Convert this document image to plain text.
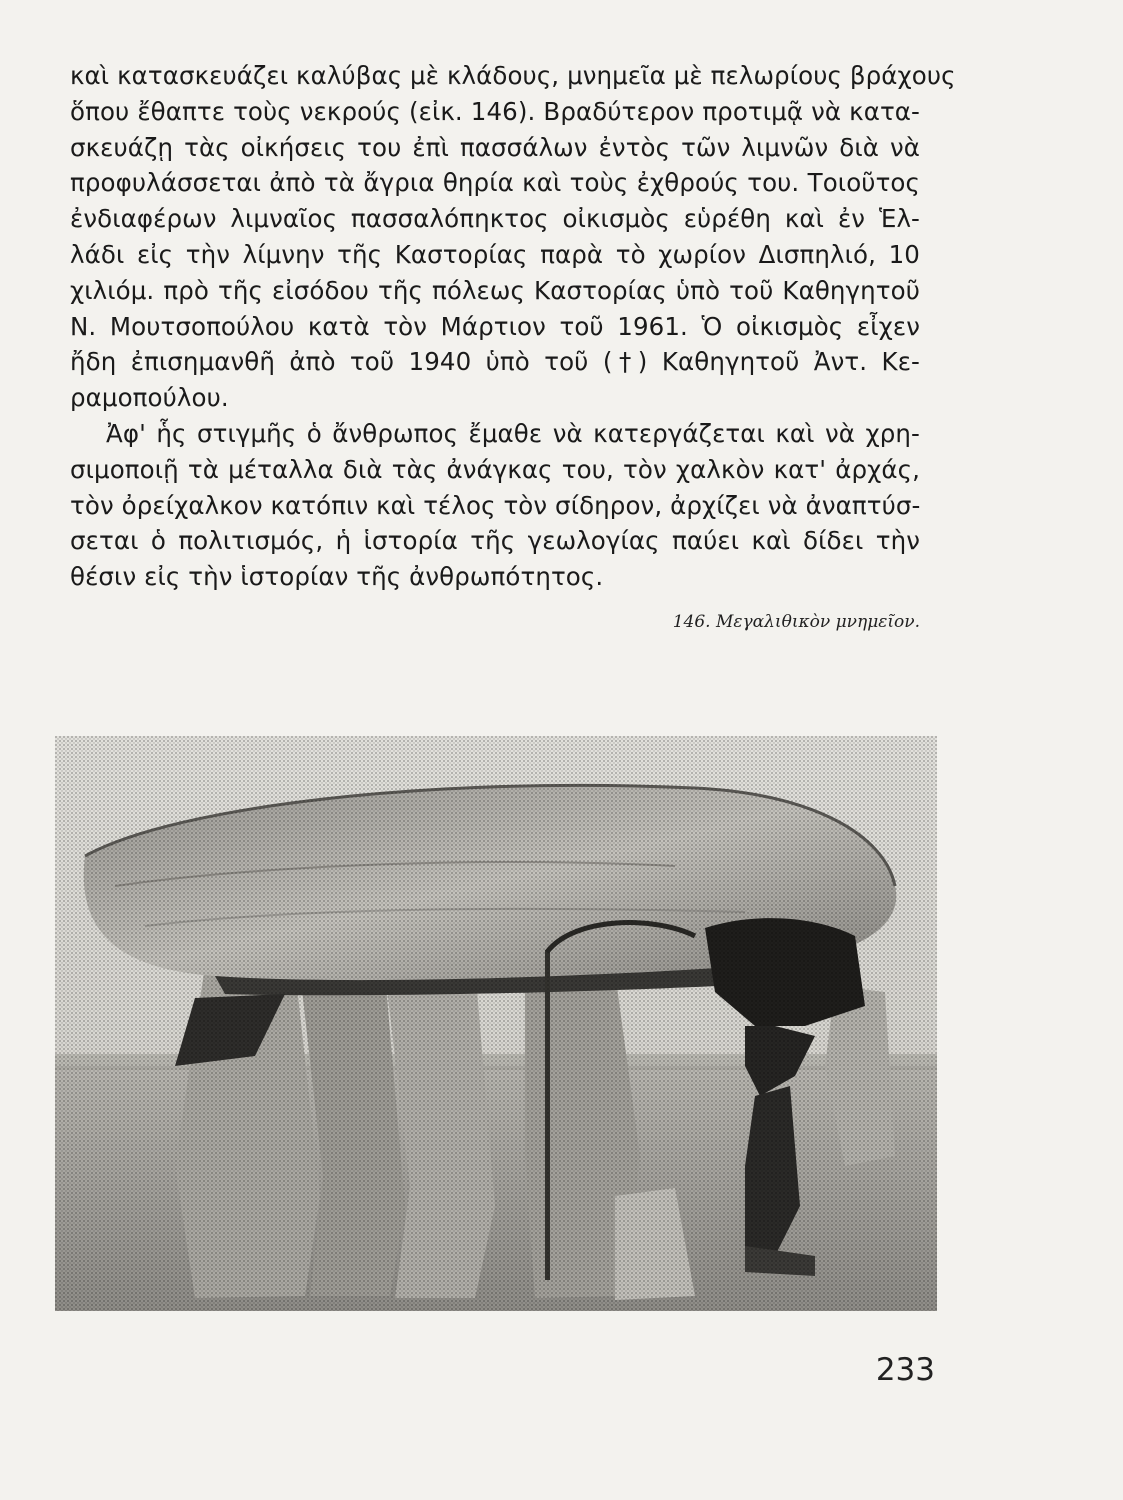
καὶ κατασκευάζει καλύβας μὲ κλάδους, μνημεῖα μὲ πελωρίους βράχους
ὅπου ἔθαπτε τοὺς νεκρούς (εἰκ. 146). Βραδύτερον προτιμᾷ νὰ κατα-
σκευάζῃ τὰς οἰκήσεις του ἐπὶ πασσάλων ἐντὸς τῶν λιμνῶν διὰ νὰ
προφυλάσσεται ἀπὸ τὰ ἄγρια θηρία καὶ τοὺς ἐχθρούς του. Τοιοῦτος
ἐνδιαφέρων λιμναῖος πασσαλόπηκτος οἰκισμὸς εὑρέθη καὶ ἐν Ἑλ-
λάδι εἰς τὴν λίμνην τῆς Καστορίας παρὰ τὸ χωρίον Δισπηλιό, 10
χιλιόμ. πρὸ τῆς εἰσόδου τῆς πόλεως Καστορίας ὑπὸ τοῦ Καθηγητοῦ
Ν. Μουτσοπούλου κατὰ τὸν Μάρτιον τοῦ 1961. Ὁ οἰκισμὸς εἶχεν
ἤδη ἐπισημανθῆ ἀπὸ τοῦ 1940 ὑπὸ τοῦ (†) Καθηγητοῦ Ἀντ. Κε-
ραμοπούλου.
Ἀφ' ἧς στιγμῆς ὁ ἄνθρωπος ἔμαθε νὰ κατεργάζεται καὶ νὰ χρη-
σιμοποιῇ τὰ μέταλλα διὰ τὰς ἀνάγκας του, τὸν χαλκὸν κατ' ἀρχάς,
τὸν ὀρείχαλκον κατόπιν καὶ τέλος τὸν σίδηρον, ἀρχίζει νὰ ἀναπτύσ-
σεται ὁ πολιτισμός, ἡ ἱστορία τῆς γεωλογίας παύει καὶ δίδει τὴν
θέσιν εἰς τὴν ἱστορίαν τῆς ἀνθρωπότητος.
146. Μεγαλιθικὸν μνημεῖον.
233
